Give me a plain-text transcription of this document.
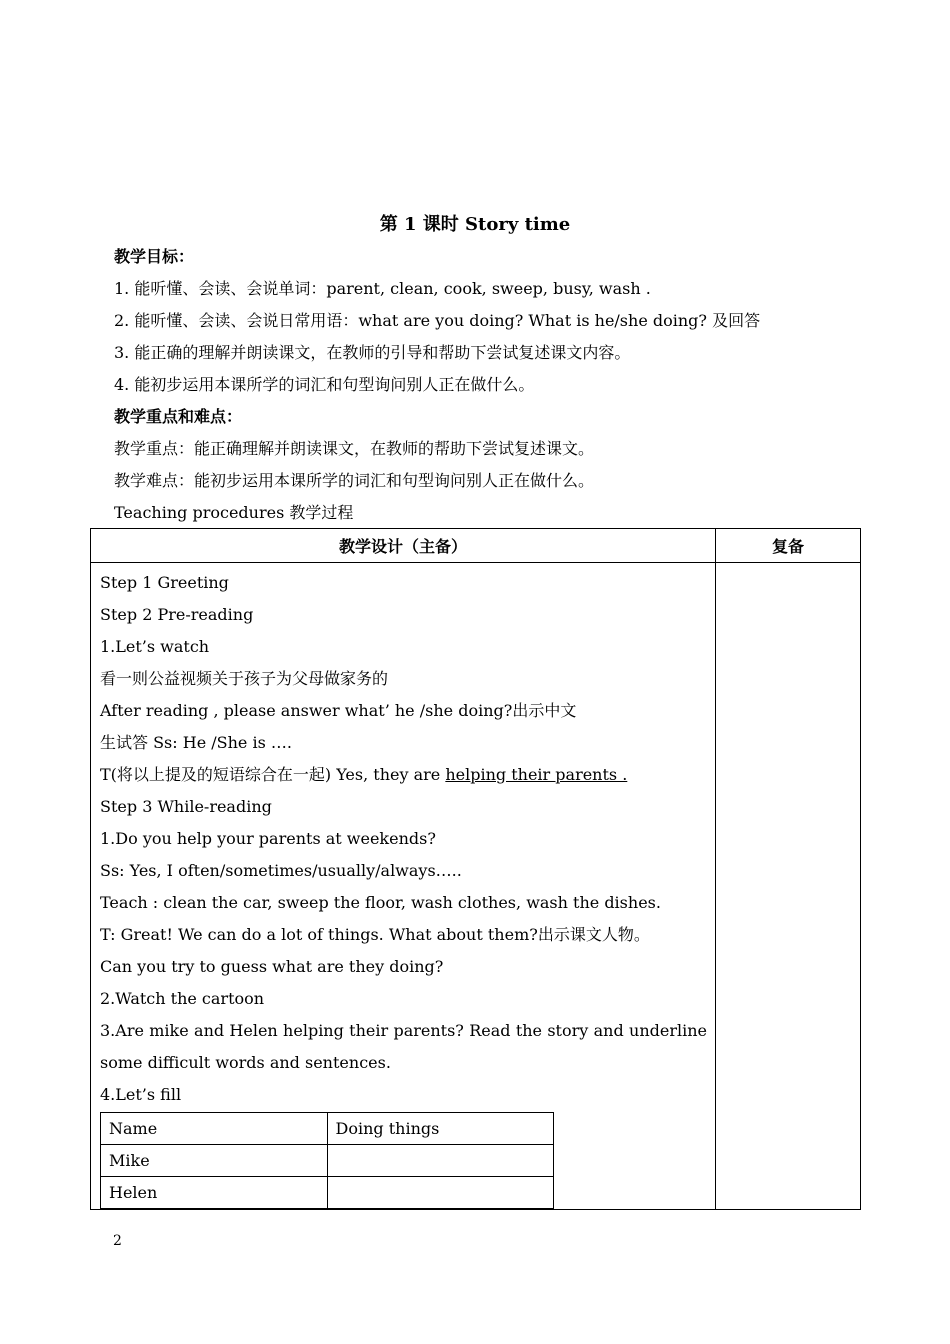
第 1 课时 Story time
教学目标：
1. 能听懂、会读、会说单词：parent, clean, cook, sweep, busy, wash .
2. 能听懂、会读、会说日常用语：what are you doing? What is he/she doing? 及回答
3. 能正确的理解并朗读课文，在教师的引导和帮助下尝试复述课文内容。
4. 能初步运用本课所学的词汇和句型询问别人正在做什么。
教学重点和难点：
教学重点：能正确理解并朗读课文，在教师的帮助下尝试复述课文。
教学难点：能初步运用本课所学的词汇和句型询问别人正在做什么。
Teaching procedures 教学过程
教学设计（主备）	复备

Step 1 Greeting
Step 2 Pre-reading
1.Let’s watch
看一则公益视频关于孩子为父母做家务的
After reading , please answer what’ he /she doing?出示中文
生试答 Ss: He /She is ….
T(将以上提及的短语综合在一起) Yes, they are helping their parents .
Step 3 While-reading
1.Do you help your parents at weekends?
Ss: Yes, I often/sometimes/usually/always…..
Teach : clean the car, sweep the floor, wash clothes, wash the dishes.
T: Great! We can do a lot of things. What about them?出示课文人物。
Can you try to guess what are they doing?
2.Watch the cartoon
3.Are mike and Helen helping their parents? Read the story and underline some difficult words and sentences.
4.Let’s fill
Name	Doing things
Mike	
Helen	

2
